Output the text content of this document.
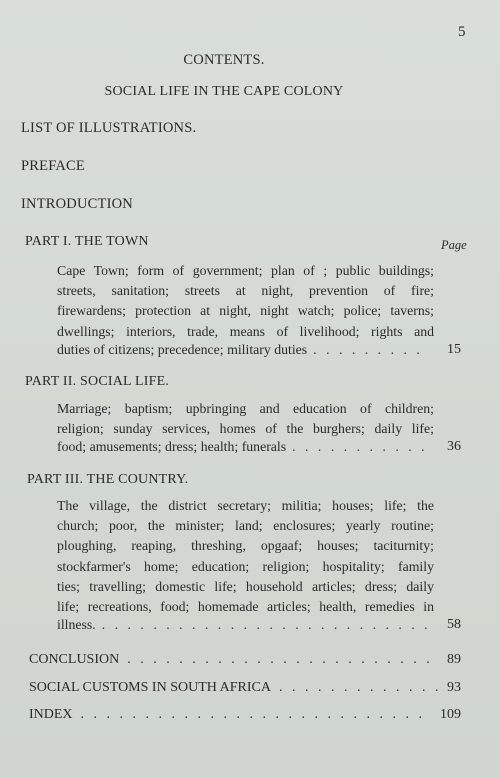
5
CONTENTS.
SOCIAL LIFE IN THE CAPE COLONY
LIST OF ILLUSTRATIONS.
PREFACE
INTRODUCTION
PART I. THE TOWN	Page
Cape Town; form of government; plan of ; public buildings;
streets, sanitation; streets at night, prevention of fire;
firewardens; protection at night, night watch; police; taverns;
dwellings; interiors, trade, means of livelihood; rights and
duties of citizens; precedence; military duties . . .	15
PART II. SOCIAL LIFE.
Marriage; baptism; upbringing and education of children;
religion; sunday services, homes of the burghers; daily life;
food; amusements; dress; health; funerals . . .	36
PART III. THE COUNTRY.
The village, the district secretary; militia; houses; life; the
church; poor, the minister; land; enclosures; yearly routine;
ploughing, reaping, threshing, opgaaf; houses; taciturnity;
stockfarmer's home; education; religion; hospitality; family
ties; travelling; domestic life; household articles; dress; daily
life; recreations, food; homemade articles; health, remedies in
illness. . . .	58
CONCLUSION . . .	89
SOCIAL CUSTOMS IN SOUTH AFRICA . . .	93
INDEX . . .	109
